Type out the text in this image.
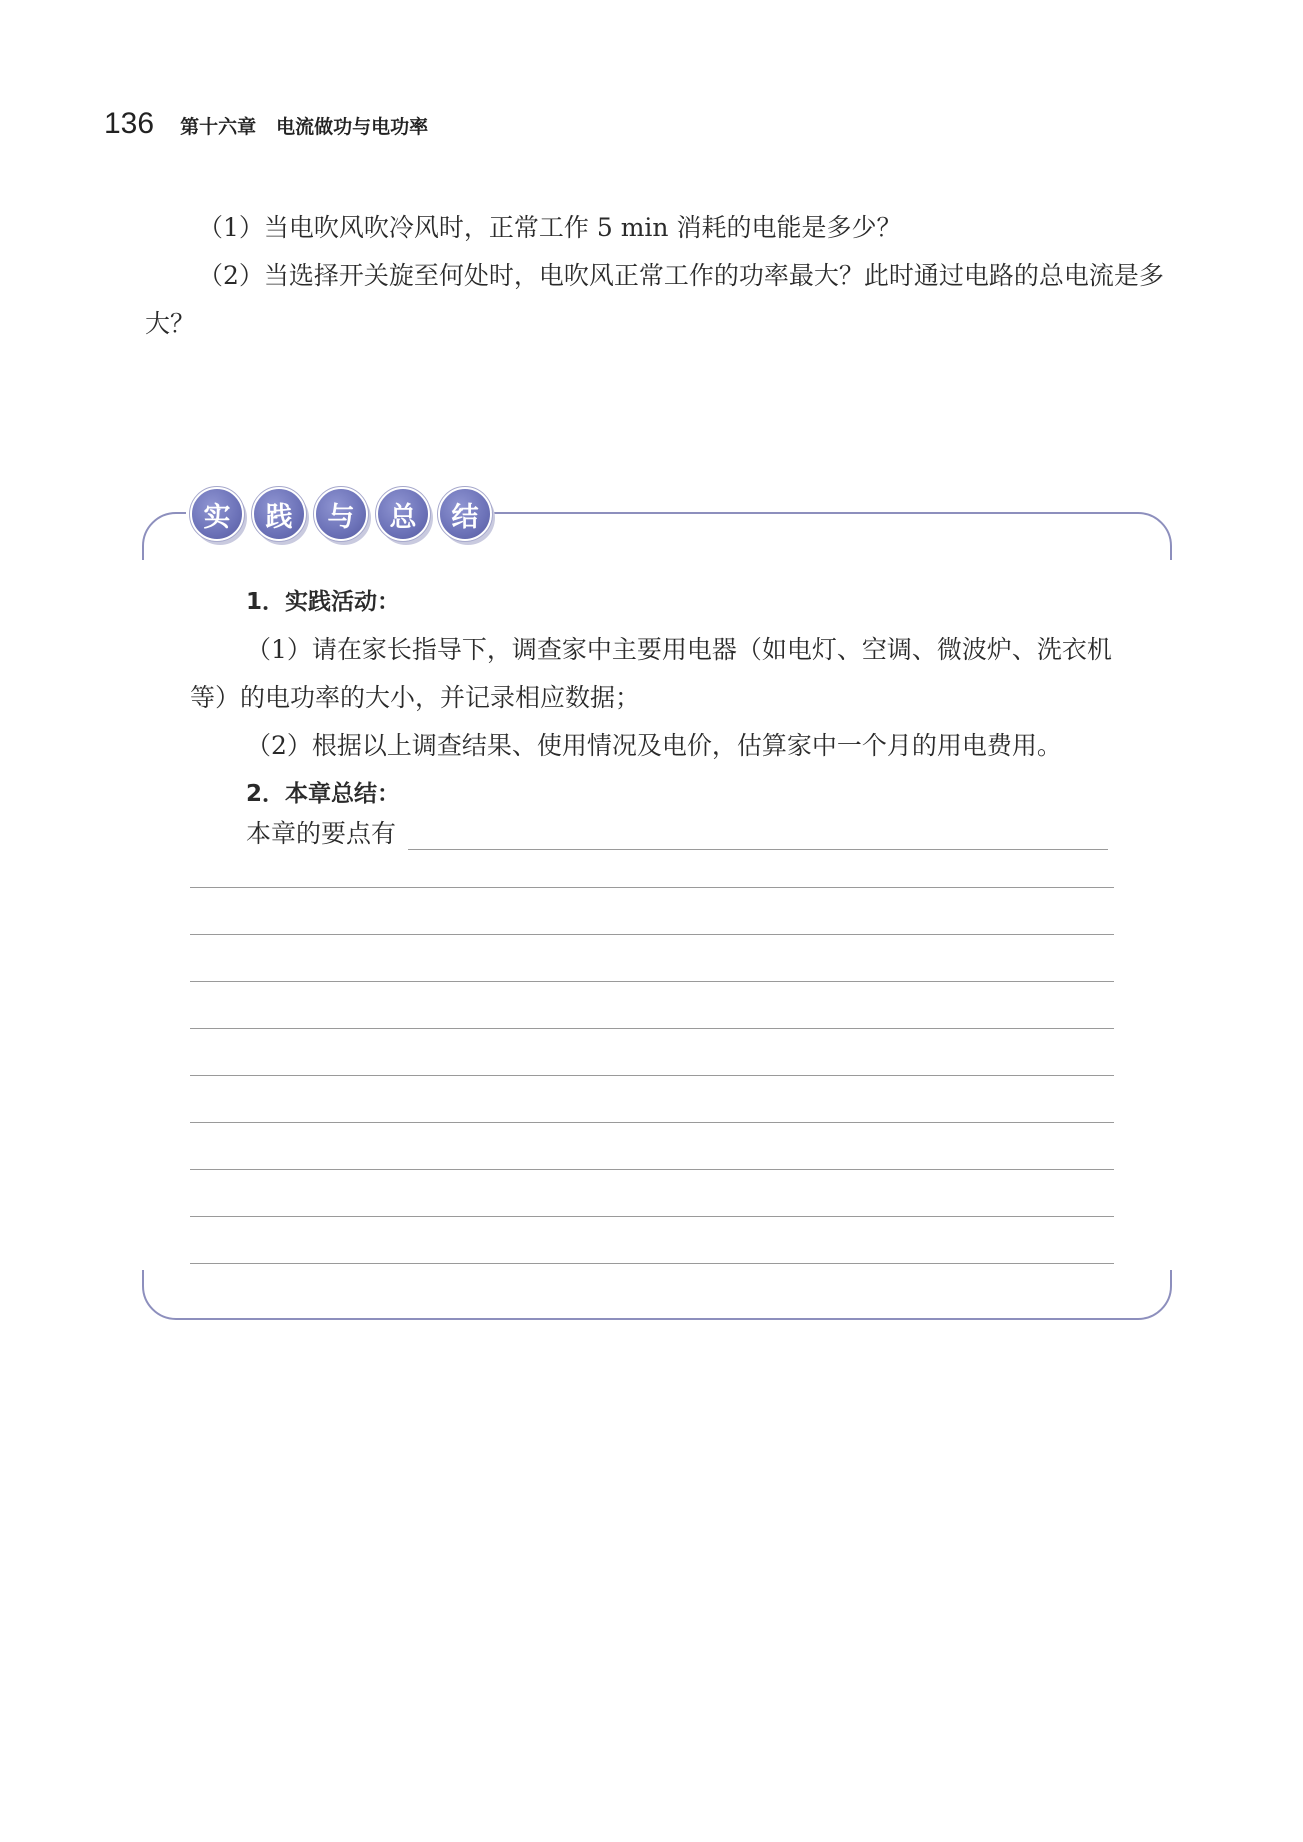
136 第十六章 电流做功与电功率
（1）当电吹风吹冷风时，正常工作 5 min 消耗的电能是多少？
（2）当选择开关旋至何处时，电吹风正常工作的功率最大？此时通过电路的总电流是多大？
实	践	与	总	结
1．实践活动：
（1）请在家长指导下，调查家中主要用电器（如电灯、空调、微波炉、洗衣机等）的电功率的大小，并记录相应数据；
（2）根据以上调查结果、使用情况及电价，估算家中一个月的用电费用。
2．本章总结：
本章的要点有
